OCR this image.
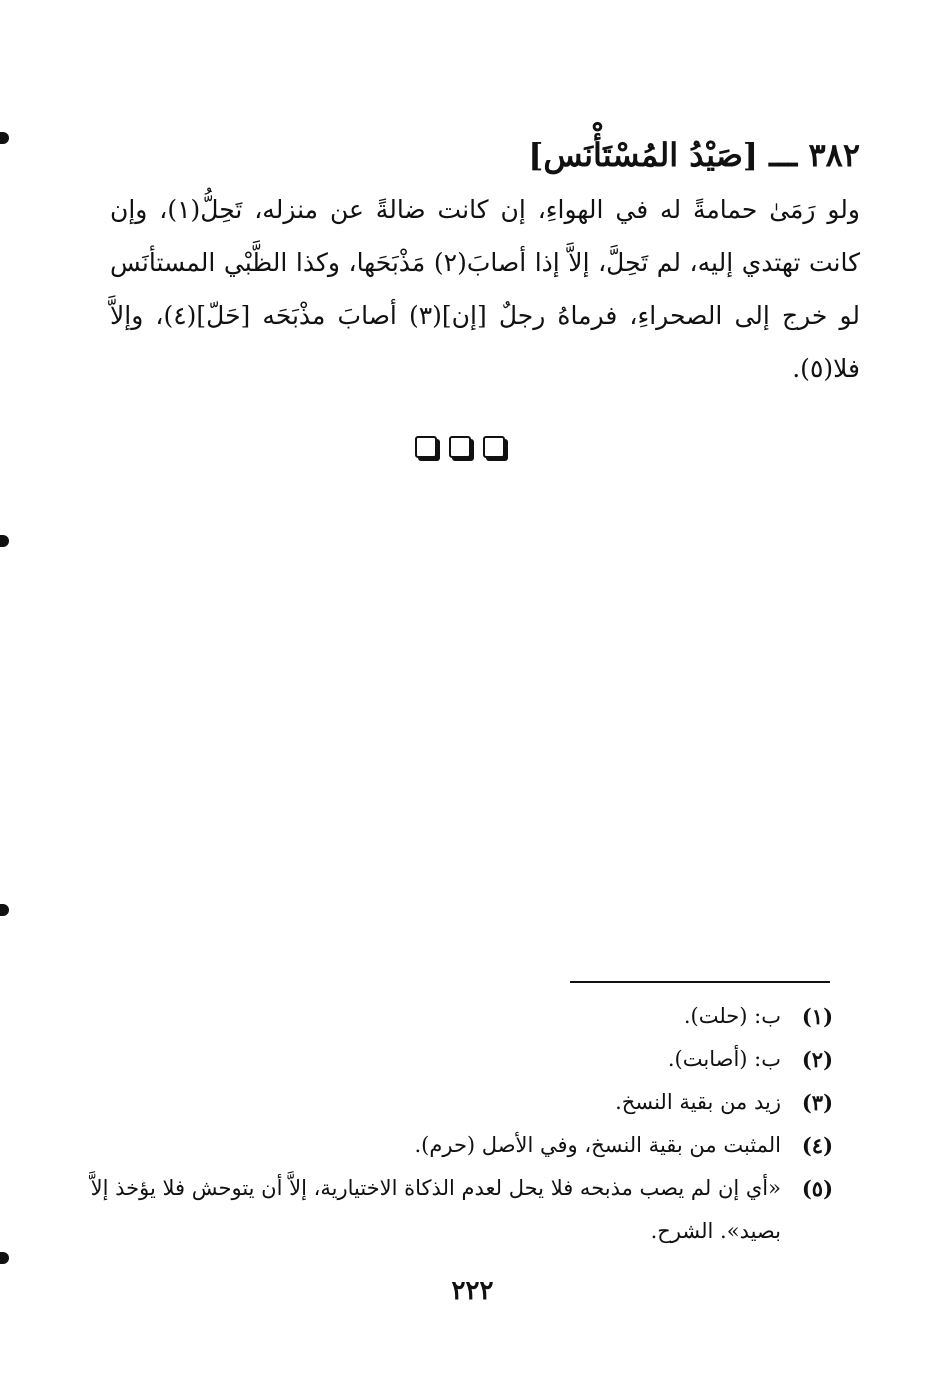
٣٨٢ ـــ [صَيْدُ المُسْتَأْنَس]
ولو رَمَىٰ حمامةً له في الهواءِ، إن كانت ضالةً عن منزله، تَحِلُّ(١)، وإن كانت تهتدي إليه، لم تَحِلَّ، إلاَّ إذا أصابَ(٢) مَذْبَحَها، وكذا الظَّبْي المستأنَس لو خرج إلى الصحراءِ، فرماهُ رجلٌ [إن](٣) أصابَ مذْبَحَه [حَلّ](٤)، وإلاَّ فلا(٥).
(١)
ب: (حلت).
(٢)
ب: (أصابت).
(٣)
زيد من بقية النسخ.
(٤)
المثبت من بقية النسخ، وفي الأصل (حرم).
(٥)
«أي إن لم يصب مذبحه فلا يحل لعدم الذكاة الاختيارية، إلاَّ أن يتوحش فلا يؤخذ إلاَّ بصيد». الشرح.
٢٢٢
